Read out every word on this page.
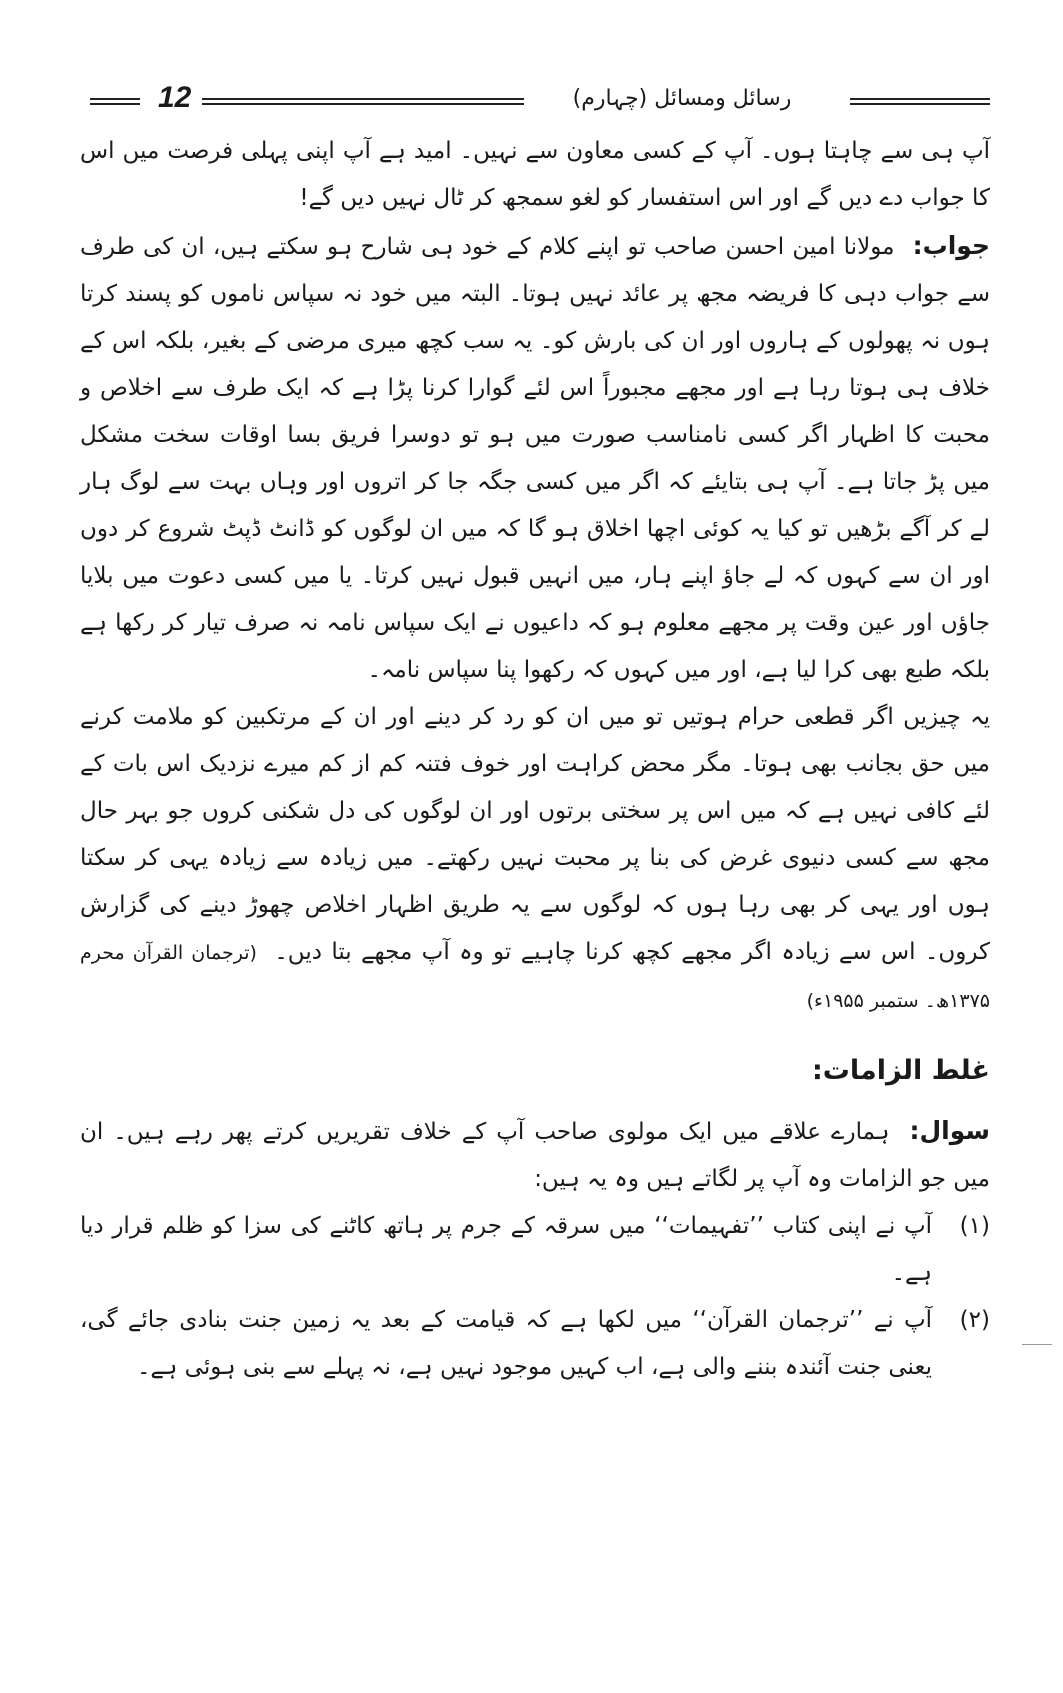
12	رسائل ومسائل (چہارم)

آپ ہی سے چاہتا ہوں۔ آپ کے کسی معاون سے نہیں۔ امید ہے آپ اپنی پہلی فرصت میں اس کا جواب دے دیں گے اور اس استفسار کو لغو سمجھ کر ٹال نہیں دیں گے!

جواب: مولانا امین احسن صاحب تو اپنے کلام کے خود ہی شارح ہو سکتے ہیں، ان کی طرف سے جواب دہی کا فریضہ مجھ پر عائد نہیں ہوتا۔ البتہ میں خود نہ سپاس ناموں کو پسند کرتا ہوں نہ پھولوں کے ہاروں اور ان کی بارش کو۔ یہ سب کچھ میری مرضی کے بغیر، بلکہ اس کے خلاف ہی ہوتا رہا ہے اور مجھے مجبوراً اس لئے گوارا کرنا پڑا ہے کہ ایک طرف سے اخلاص و محبت کا اظہار اگر کسی نامناسب صورت میں ہو تو دوسرا فریق بسا اوقات سخت مشکل میں پڑ جاتا ہے۔ آپ ہی بتایئے کہ اگر میں کسی جگہ جا کر اتروں اور وہاں بہت سے لوگ ہار لے کر آگے بڑھیں تو کیا یہ کوئی اچھا اخلاق ہو گا کہ میں ان لوگوں کو ڈانٹ ڈپٹ شروع کر دوں اور ان سے کہوں کہ لے جاؤ اپنے ہار، میں انہیں قبول نہیں کرتا۔ یا میں کسی دعوت میں بلایا جاؤں اور عین وقت پر مجھے معلوم ہو کہ داعیوں نے ایک سپاس نامہ نہ صرف تیار کر رکھا ہے بلکہ طبع بھی کرا لیا ہے، اور میں کہوں کہ رکھوا پنا سپاس نامہ۔

یہ چیزیں اگر قطعی حرام ہوتیں تو میں ان کو رد کر دینے اور ان کے مرتکبین کو ملامت کرنے میں حق بجانب بھی ہوتا۔ مگر محض کراہت اور خوف فتنہ کم از کم میرے نزدیک اس بات کے لئے کافی نہیں ہے کہ میں اس پر سختی برتوں اور ان لوگوں کی دل شکنی کروں جو بہر حال مجھ سے کسی دنیوی غرض کی بنا پر محبت نہیں رکھتے۔ میں زیادہ سے زیادہ یہی کر سکتا ہوں اور یہی کر بھی رہا ہوں کہ لوگوں سے یہ طریق اظہار اخلاص چھوڑ دینے کی گزارش کروں۔ اس سے زیادہ اگر مجھے کچھ کرنا چاہیے تو وہ آپ مجھے بتا دیں۔ (ترجمان القرآن محرم ۱۳۷۵ھ۔ ستمبر ۱۹۵۵ء)

غلط الزامات:

سوال: ہمارے علاقے میں ایک مولوی صاحب آپ کے خلاف تقریریں کرتے پھر رہے ہیں۔ ان میں جو الزامات وہ آپ پر لگاتے ہیں وہ یہ ہیں:

(۱)
آپ نے اپنی کتاب ’’تفہیمات‘‘ میں سرقہ کے جرم پر ہاتھ کاٹنے کی سزا کو ظلم قرار دیا ہے۔
(۲)
آپ نے ’’ترجمان القرآن‘‘ میں لکھا ہے کہ قیامت کے بعد یہ زمین جنت بنادی جائے گی، یعنی جنت آئندہ بننے والی ہے، اب کہیں موجود نہیں ہے، نہ پہلے سے بنی ہوئی ہے۔
